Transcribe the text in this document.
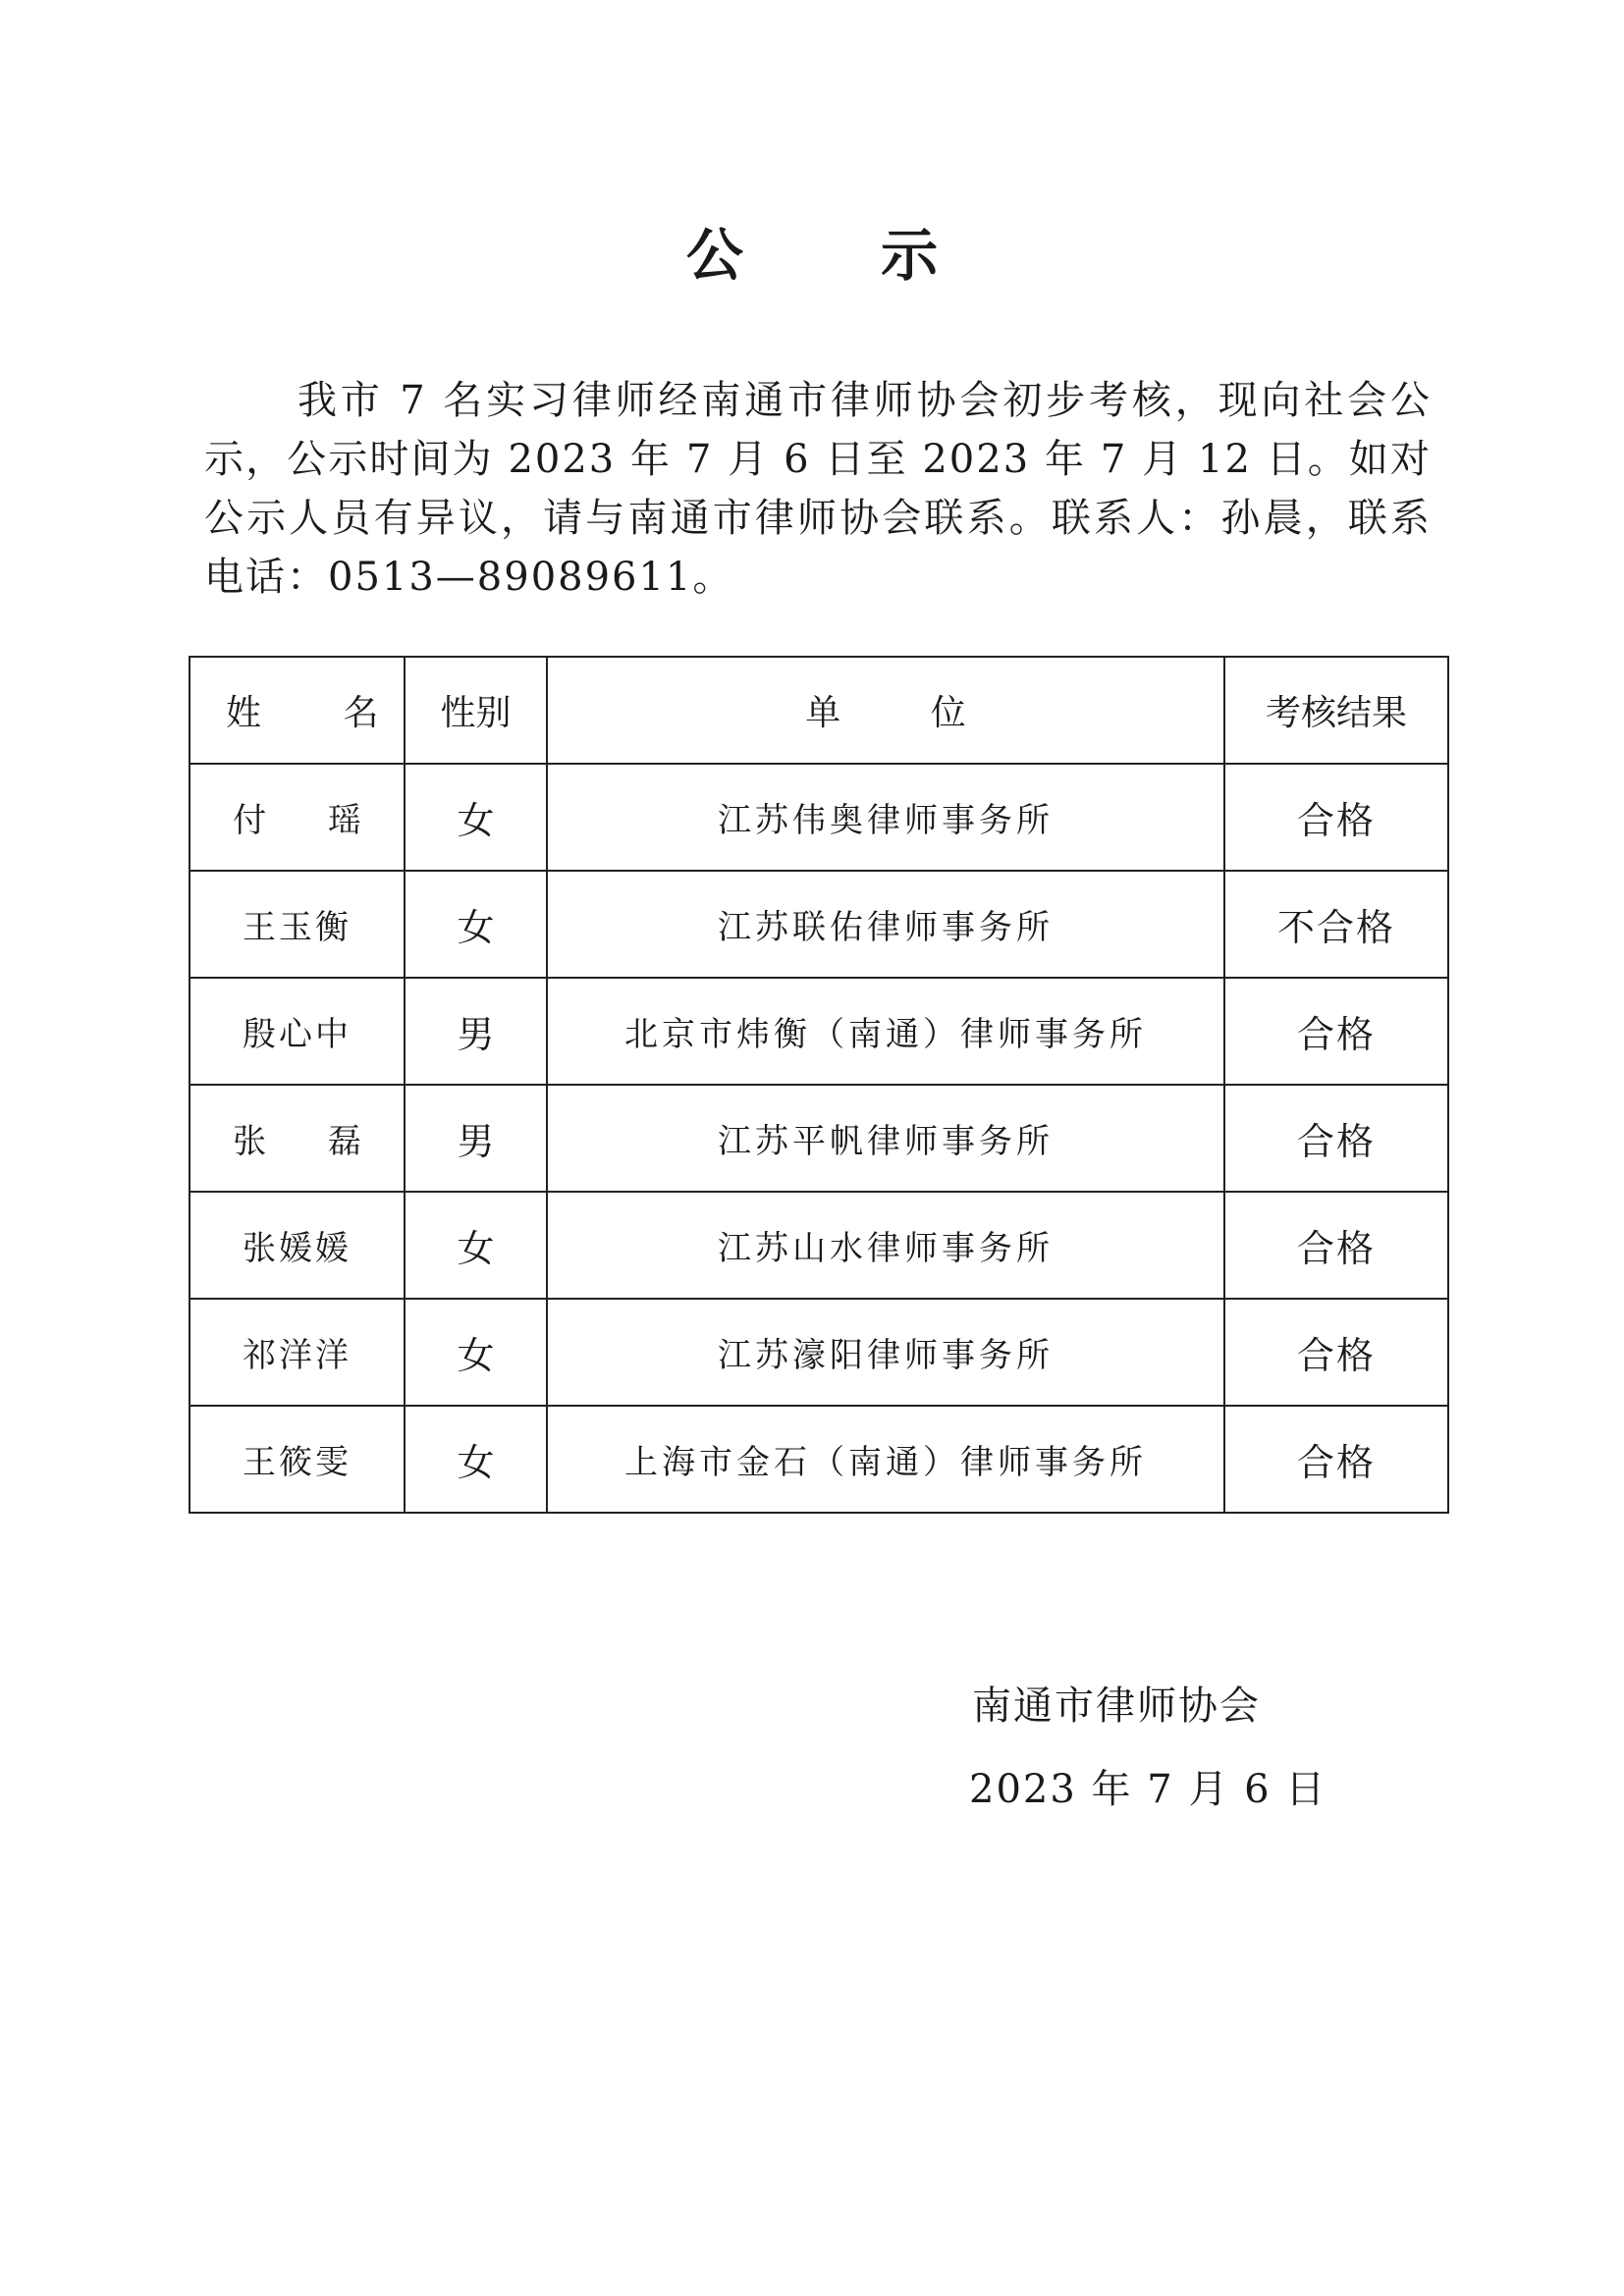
公 示
我市 7 名实习律师经南通市律师协会初步考核，现向社会公示，公示时间为 2023 年 7 月 6 日至 2023 年 7 月 12 日。如对公示人员有异议，请与南通市律师协会联系。联系人：孙晨，联系电话：0513—89089611。
姓 名	性别	单 位	考核结果
付 瑶	女	江苏伟奥律师事务所	合格
王玉衡	女	江苏联佑律师事务所	不合格
殷心中	男	北京市炜衡（南通）律师事务所	合格
张 磊	男	江苏平帆律师事务所	合格
张媛媛	女	江苏山水律师事务所	合格
祁洋洋	女	江苏濠阳律师事务所	合格
王筱雯	女	上海市金石（南通）律师事务所	合格
南通市律师协会
2023 年 7 月 6 日
